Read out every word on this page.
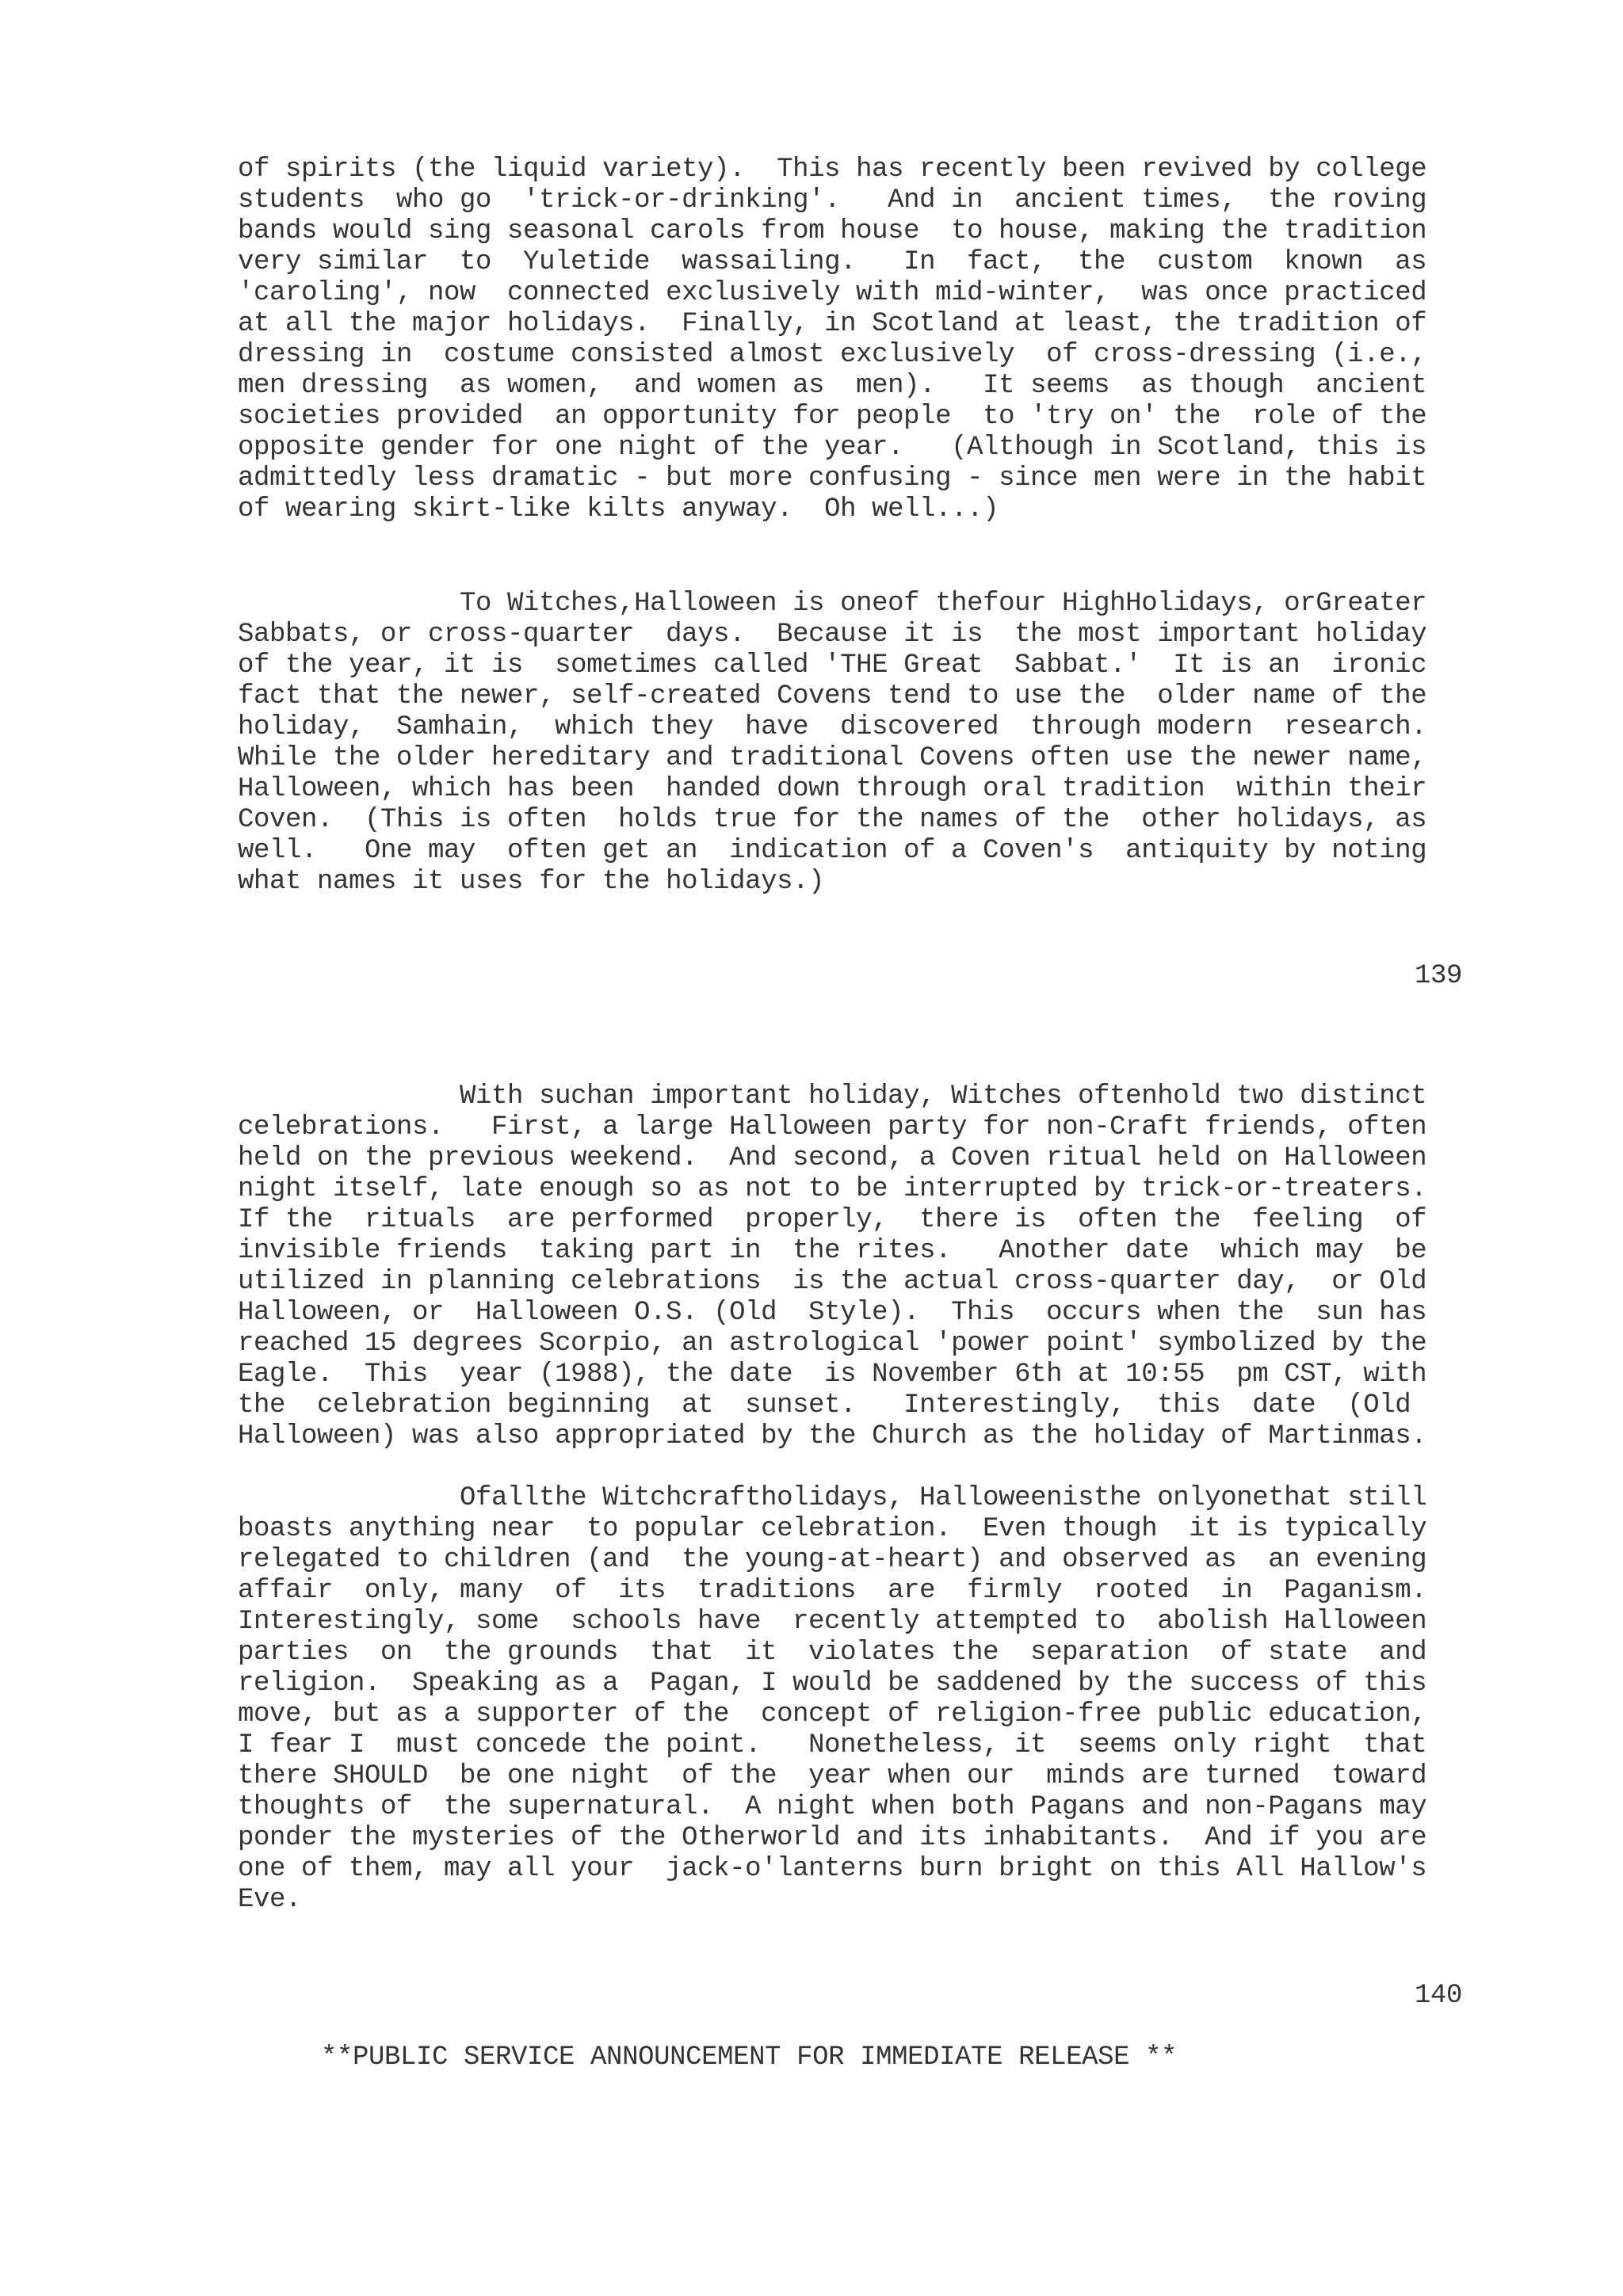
of spirits (the liquid variety).  This has recently been revived by college
students  who go  'trick-or-drinking'.   And in  ancient times,  the roving
bands would sing seasonal carols from house  to house, making the tradition
very similar  to  Yuletide  wassailing.   In  fact,  the  custom  known  as
'caroling', now  connected exclusively with mid-winter,  was once practiced
at all the major holidays.  Finally, in Scotland at least, the tradition of
dressing in  costume consisted almost exclusively  of cross-dressing (i.e.,
men dressing  as women,  and women as  men).   It seems  as though  ancient
societies provided  an opportunity for people  to 'try on' the  role of the
opposite gender for one night of the year.   (Although in Scotland, this is
admittedly less dramatic - but more confusing - since men were in the habit
of wearing skirt-like kilts anyway.  Oh well...)
To Witches,Halloween is oneof thefour HighHolidays, orGreater
Sabbats, or cross-quarter  days.  Because it is  the most important holiday
of the year, it is  sometimes called 'THE Great  Sabbat.'  It is an  ironic
fact that the newer, self-created Covens tend to use the  older name of the
holiday,  Samhain,  which they  have  discovered  through modern  research.
While the older hereditary and traditional Covens often use the newer name,
Halloween, which has been  handed down through oral tradition  within their
Coven.  (This is often  holds true for the names of the  other holidays, as
well.   One may  often get an  indication of a Coven's  antiquity by noting
what names it uses for the holidays.)
139
With suchan important holiday, Witches oftenhold two distinct
celebrations.   First, a large Halloween party for non-Craft friends, often
held on the previous weekend.  And second, a Coven ritual held on Halloween
night itself, late enough so as not to be interrupted by trick-or-treaters.
If the  rituals  are performed  properly,  there is  often the  feeling  of
invisible friends  taking part in  the rites.   Another date  which may  be
utilized in planning celebrations  is the actual cross-quarter day,  or Old
Halloween, or  Halloween O.S. (Old  Style).  This  occurs when the  sun has
reached 15 degrees Scorpio, an astrological 'power point' symbolized by the
Eagle.  This  year (1988), the date  is November 6th at 10:55  pm CST, with
the  celebration beginning  at  sunset.   Interestingly,  this  date  (Old
Halloween) was also appropriated by the Church as the holiday of Martinmas.
Ofallthe Witchcraftholidays, Halloweenisthe onlyonethat still
boasts anything near  to popular celebration.  Even though  it is typically
relegated to children (and  the young-at-heart) and observed as  an evening
affair  only, many  of  its  traditions  are  firmly  rooted  in  Paganism.
Interestingly, some  schools have  recently attempted to  abolish Halloween
parties  on  the grounds  that  it  violates the  separation  of state  and
religion.  Speaking as a  Pagan, I would be saddened by the success of this
move, but as a supporter of the  concept of religion-free public education,
I fear I  must concede the point.   Nonetheless, it  seems only right  that
there SHOULD  be one night  of the  year when our  minds are turned  toward
thoughts of  the supernatural.  A night when both Pagans and non-Pagans may
ponder the mysteries of the Otherworld and its inhabitants.  And if you are
one of them, may all your  jack-o'lanterns burn bright on this All Hallow's
Eve.
140
**PUBLIC SERVICE ANNOUNCEMENT FOR IMMEDIATE RELEASE **
